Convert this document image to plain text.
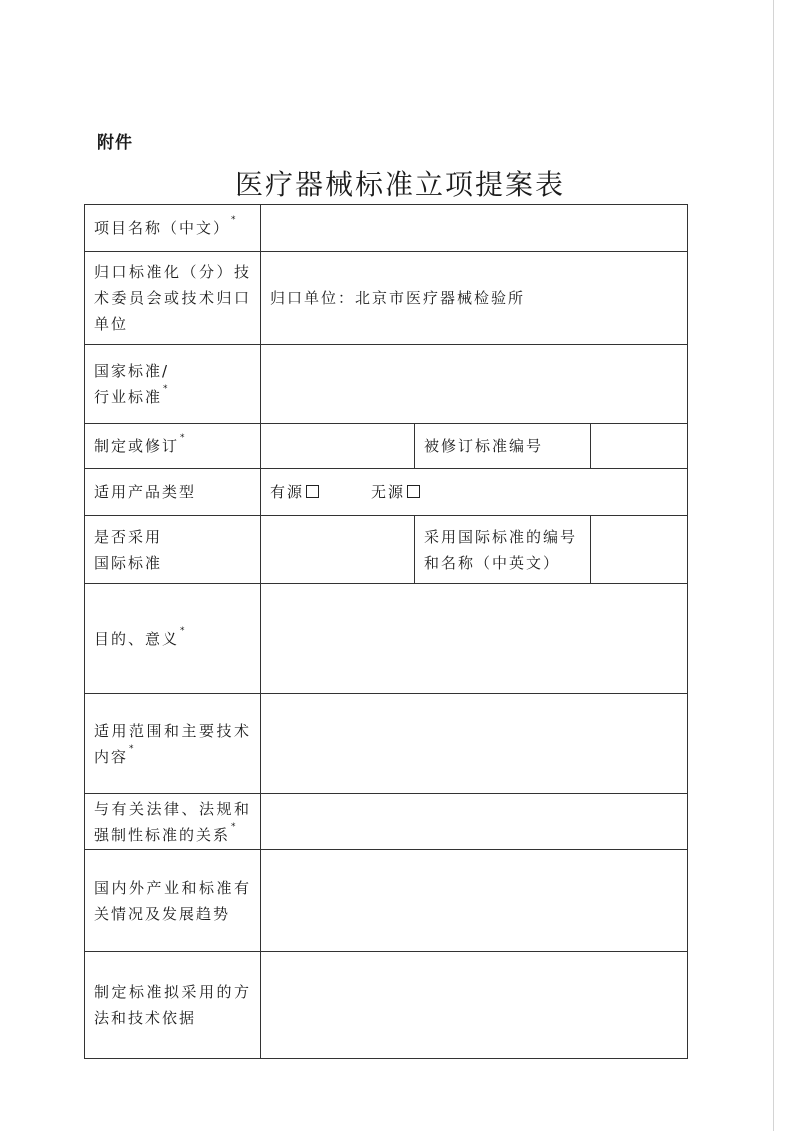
附件
医疗器械标准立项提案表
项目名称（中文）*	
归口标准化（分）技术委员会或技术归口单位	归口单位：北京市医疗器械检验所		
国家标准/
行业标准*	
制定或修订*		被修订标准编号	
适用产品类型	有源 无源		
是否采用
国际标准		采用国际标准的编号和名称（中英文）	
目的、意义*	
适用范围和主要技术内容*	
与有关法律、法规和强制性标准的关系*	
国内外产业和标准有关情况及发展趋势			
制定标准拟采用的方法和技术依据			
